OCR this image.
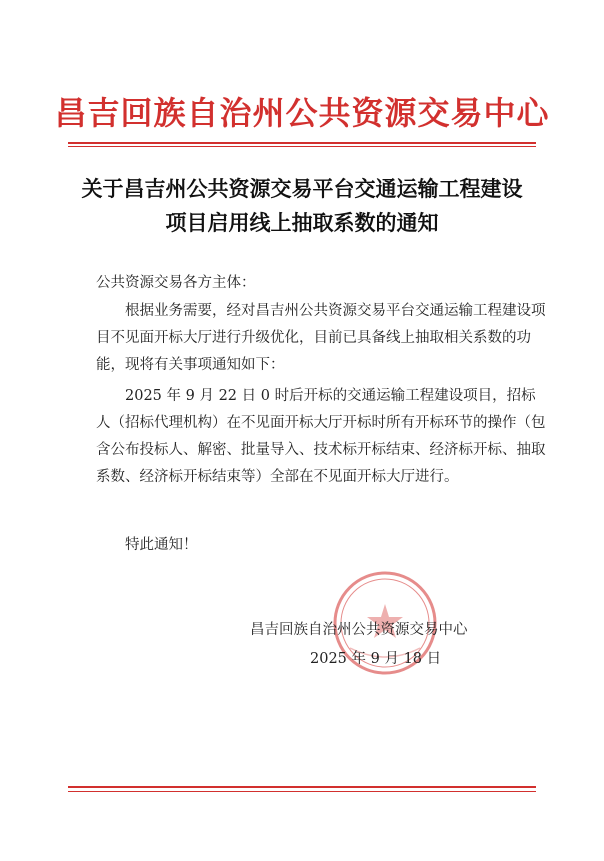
昌吉回族自治州公共资源交易中心
关于昌吉州公共资源交易平台交通运输工程建设项目启用线上抽取系数的通知
公共资源交易各方主体：
根据业务需要，经对昌吉州公共资源交易平台交通运输工程建设项目不见面开标大厅进行升级优化，目前已具备线上抽取相关系数的功能，现将有关事项通知如下：
2025 年 9 月 22 日 0 时后开标的交通运输工程建设项目，招标人（招标代理机构）在不见面开标大厅开标时所有开标环节的操作（包含公布投标人、解密、批量导入、技术标开标结束、经济标开标、抽取系数、经济标开标结束等）全部在不见面开标大厅进行。
特此通知！
昌吉回族自治州公共资源交易中心
2025 年 9 月 18 日
